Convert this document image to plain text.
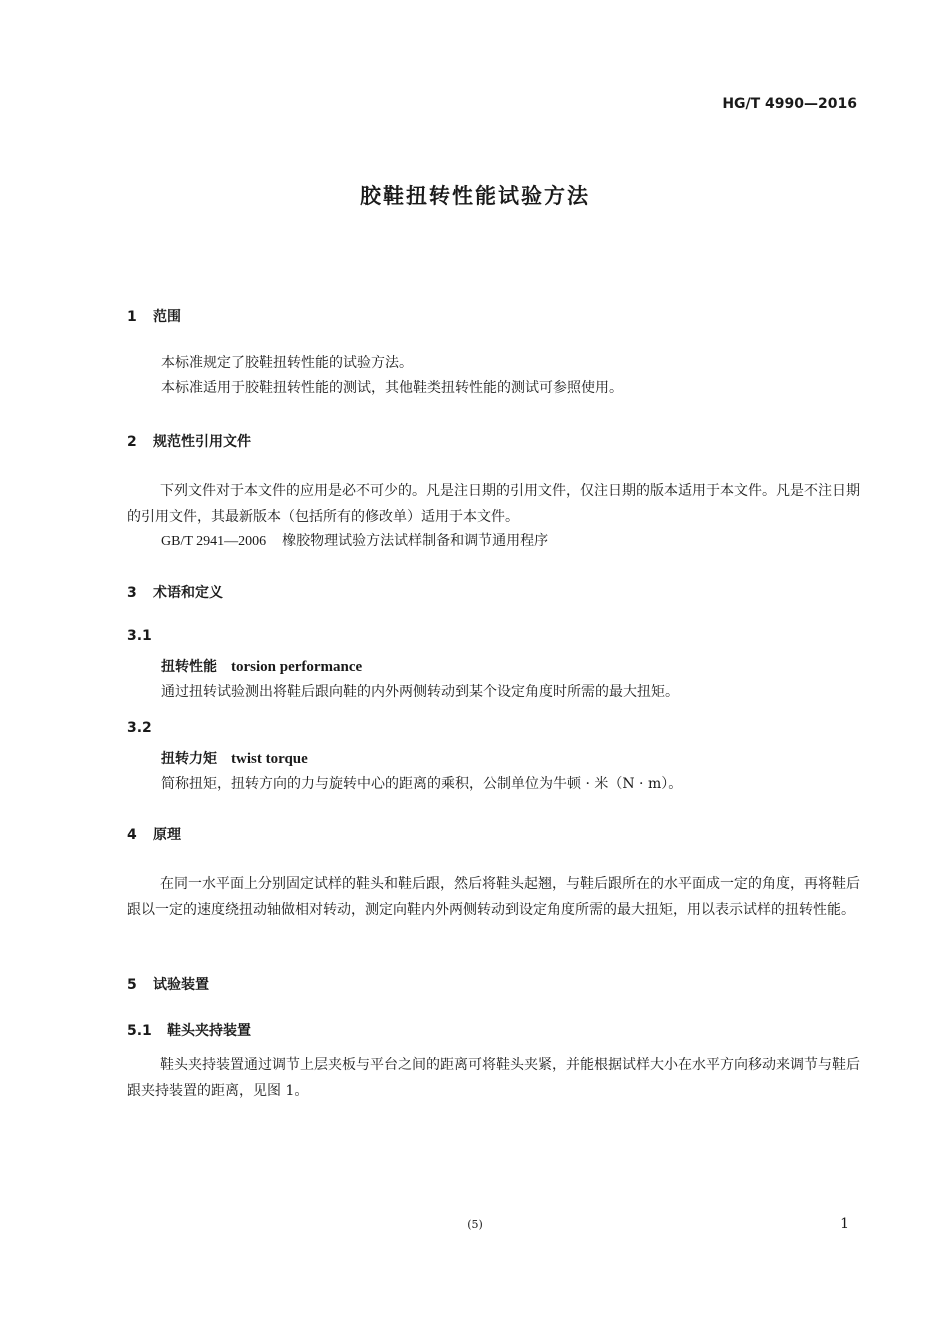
HG/T 4990—2016
胶鞋扭转性能试验方法
1 范围
本标准规定了胶鞋扭转性能的试验方法。
本标准适用于胶鞋扭转性能的测试，其他鞋类扭转性能的测试可参照使用。
2 规范性引用文件
下列文件对于本文件的应用是必不可少的。凡是注日期的引用文件，仅注日期的版本适用于本文件。凡是不注日期的引用文件，其最新版本（包括所有的修改单）适用于本文件。
GB/T 2941—2006 橡胶物理试验方法试样制备和调节通用程序
3 术语和定义
3.1
扭转性能 torsion performance
通过扭转试验测出将鞋后跟向鞋的内外两侧转动到某个设定角度时所需的最大扭矩。
3.2
扭转力矩 twist torque
简称扭矩，扭转方向的力与旋转中心的距离的乘积，公制单位为牛顿 · 米（N · m）。
4 原理
在同一水平面上分别固定试样的鞋头和鞋后跟，然后将鞋头起翘，与鞋后跟所在的水平面成一定的角度，再将鞋后跟以一定的速度绕扭动轴做相对转动，测定向鞋内外两侧转动到设定角度所需的最大扭矩，用以表示试样的扭转性能。
5 试验装置
5.1 鞋头夹持装置
鞋头夹持装置通过调节上层夹板与平台之间的距离可将鞋头夹紧，并能根据试样大小在水平方向移动来调节与鞋后跟夹持装置的距离，见图 1。
(5)	1
